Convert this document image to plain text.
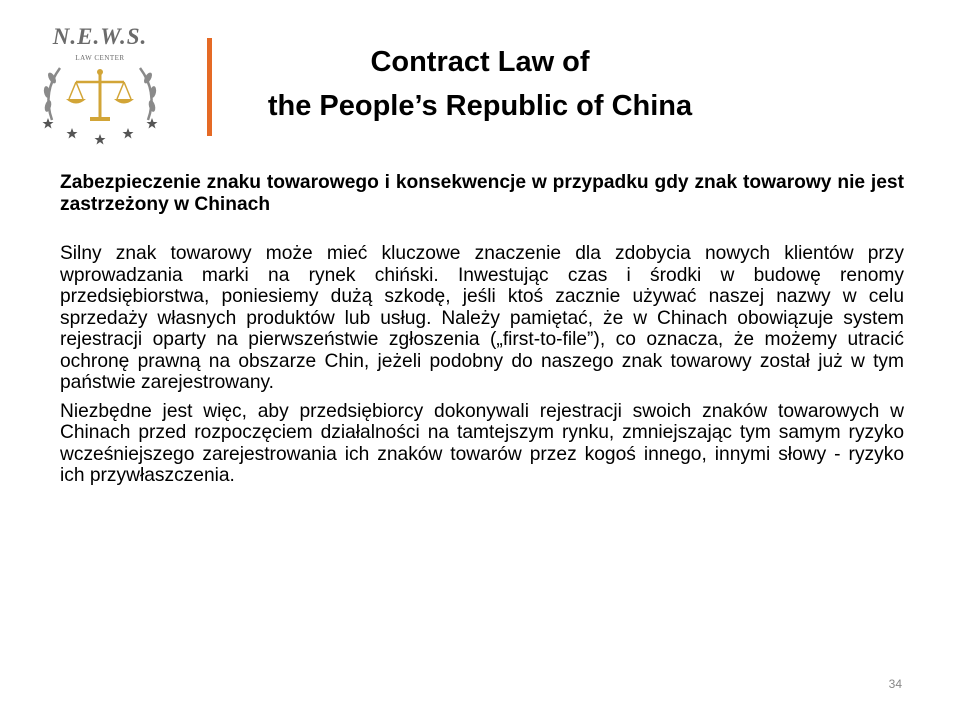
N.E.W.S.
LAW CENTER	Contract Law of
the People’s Republic of China

Zabezpieczenie znaku towarowego i konsekwencje w przypadku gdy znak towarowy nie jest zastrzeżony w Chinach

Silny znak towarowy może mieć kluczowe znaczenie dla zdobycia nowych klientów przy wprowadzania marki na rynek chiński. Inwestując czas i środki w budowę renomy przedsiębiorstwa, poniesiemy dużą szkodę, jeśli ktoś zacznie używać naszej nazwy w celu sprzedaży własnych produktów lub usług. Należy pamiętać, że w Chinach obowiązuje system rejestracji oparty na pierwszeństwie zgłoszenia („first-to-file”), co oznacza, że możemy utracić ochronę prawną na obszarze Chin, jeżeli podobny do naszego znak towarowy został już w tym państwie zarejestrowany.

Niezbędne jest więc, aby przedsiębiorcy dokonywali rejestracji swoich znaków towarowych w Chinach przed rozpoczęciem działalności na tamtejszym rynku, zmniejszając tym samym ryzyko wcześniejszego zarejestrowania ich znaków towarów przez kogoś innego, innymi słowy - ryzyko ich przywłaszczenia.

34
